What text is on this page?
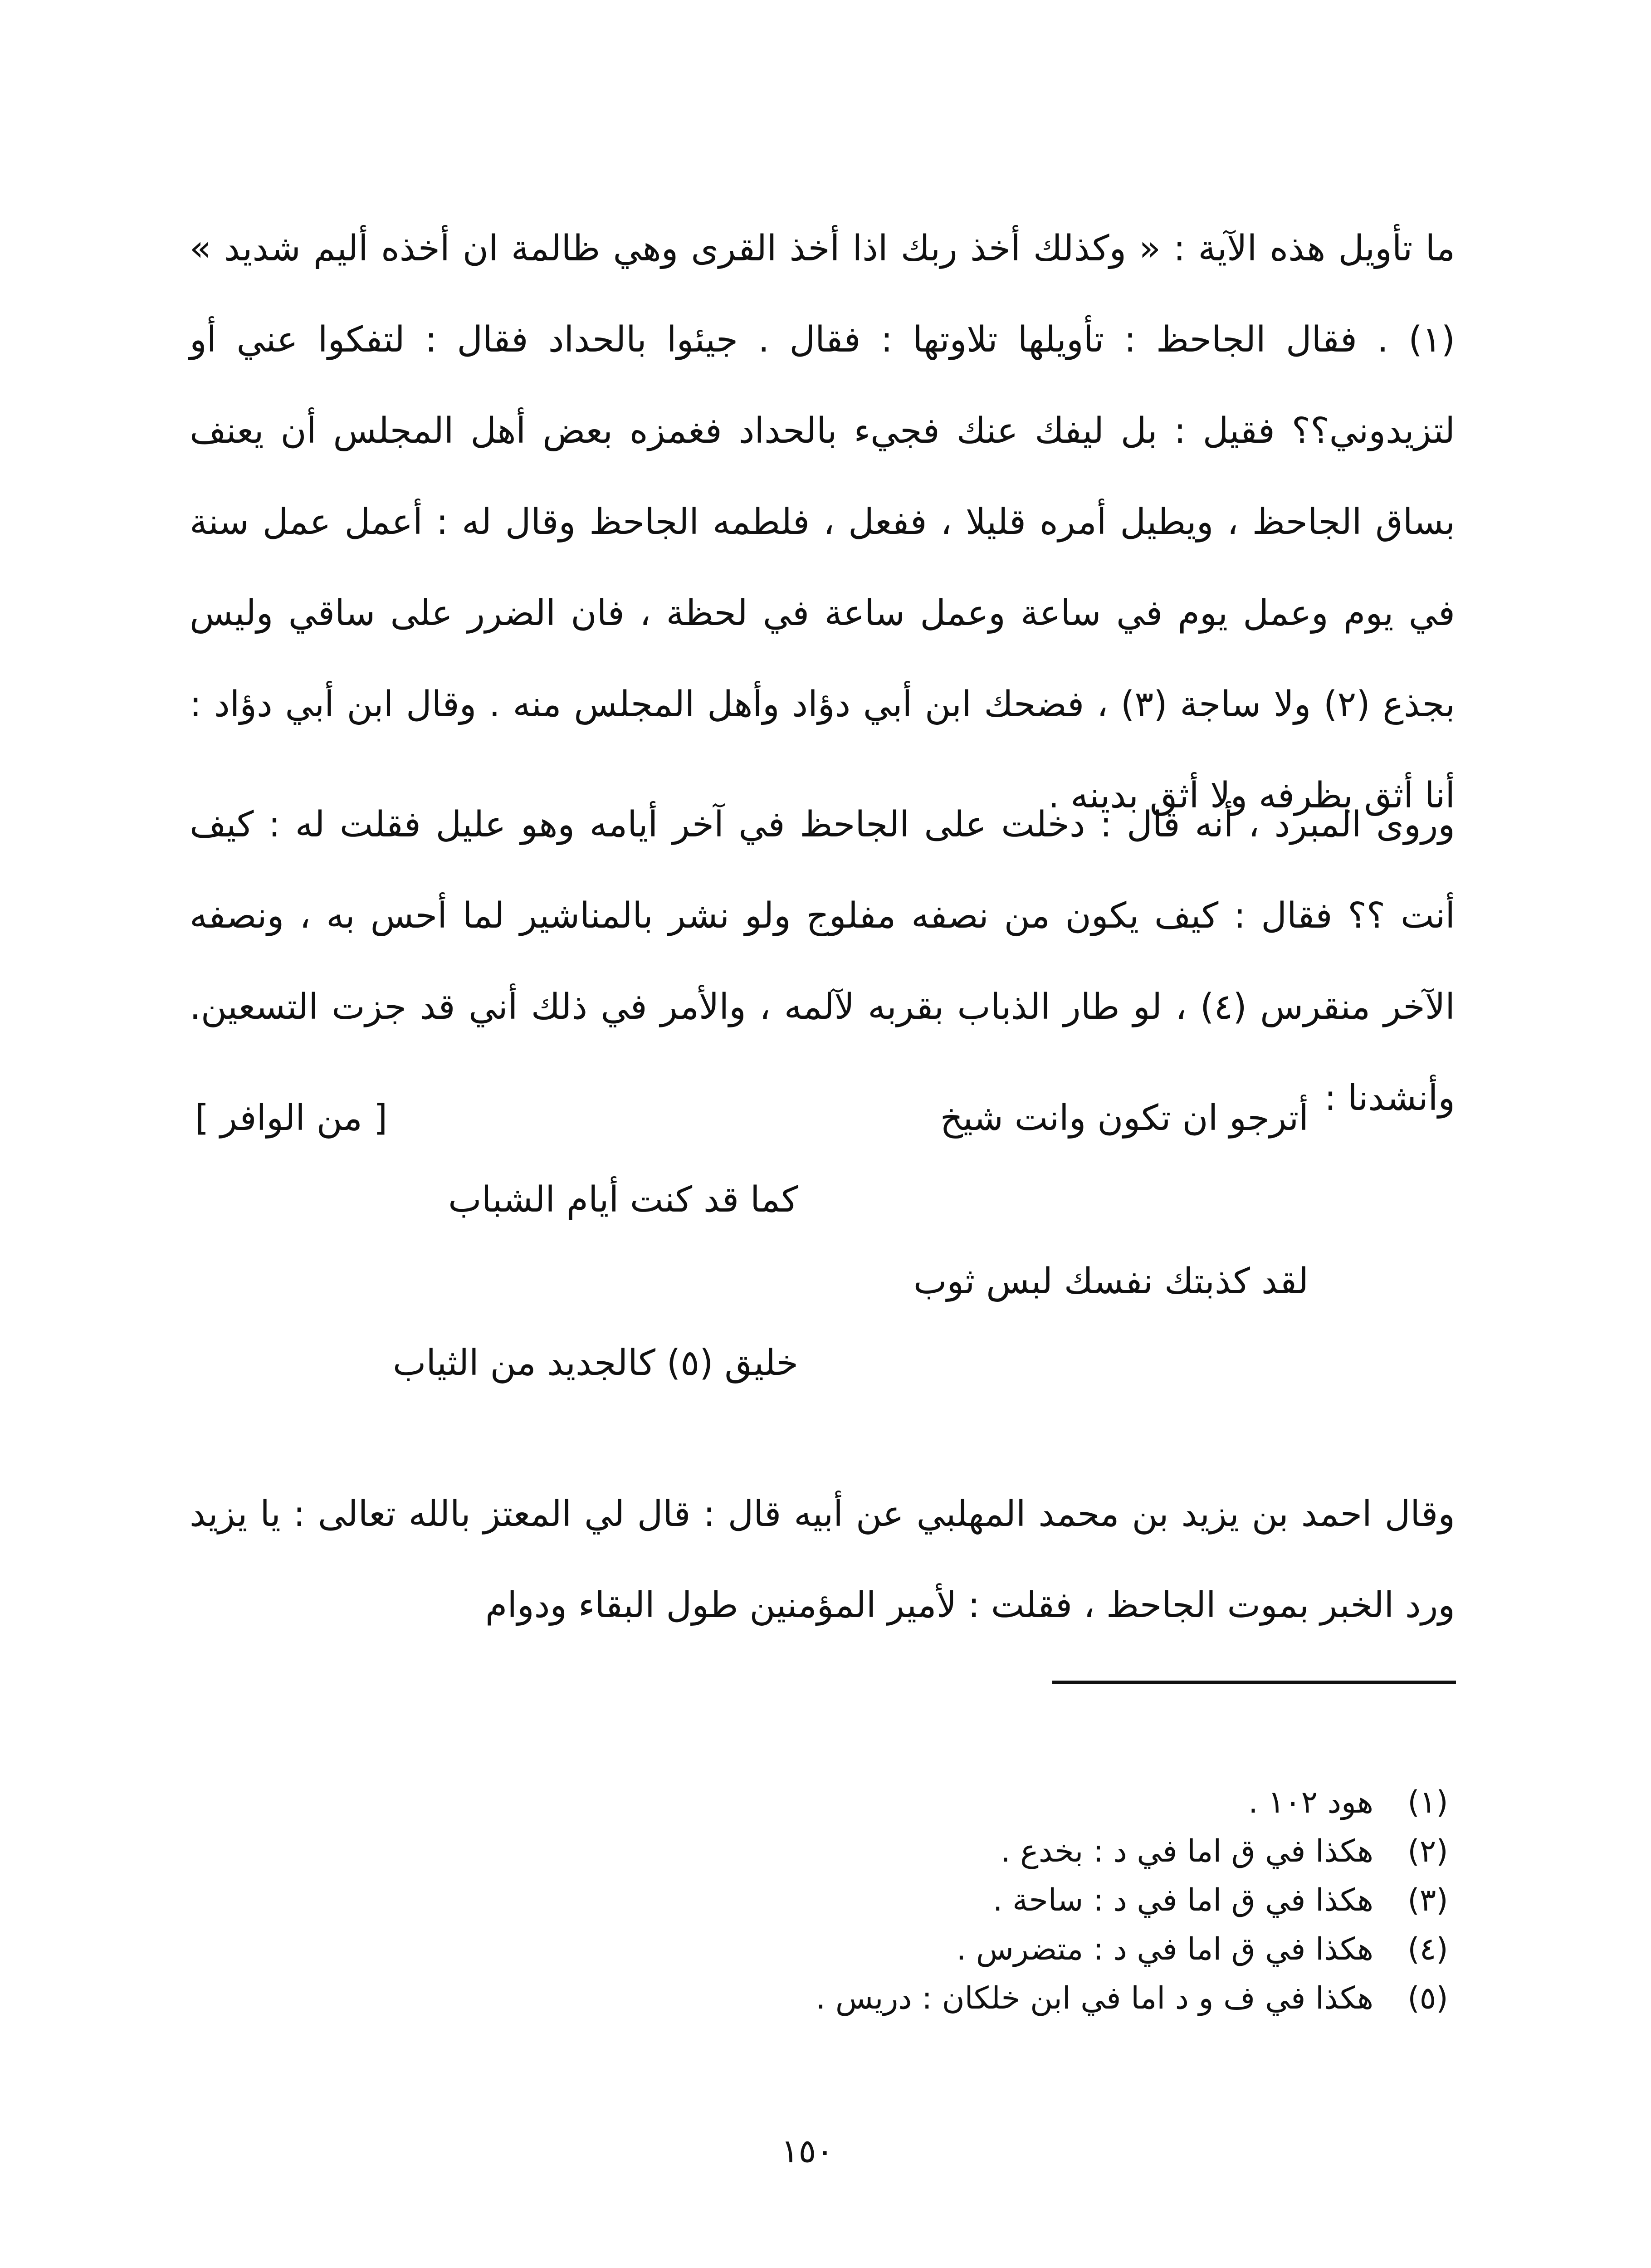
ما تأويل هذه الآية : « وكذلك أخذ ربك اذا أخذ القرى وهي ظالمة ان أخذه أليم شديد » (١) . فقال الجاحظ : تأويلها تلاوتها : فقال . جيئوا بالحداد فقال : لتفكوا عني أو لتزيدوني؟؟ فقيل : بل ليفك عنك فجيء بالحداد فغمزه بعض أهل المجلس أن يعنف بساق الجاحظ ، ويطيل أمره قليلا ، ففعل ، فلطمه الجاحظ وقال له : أعمل عمل سنة في يوم وعمل يوم في ساعة وعمل ساعة في لحظة ، فان الضرر على ساقي وليس بجذع (٢) ولا ساجة (٣) ، فضحك ابن أبي دؤاد وأهل المجلس منه . وقال ابن أبي دؤاد : أنا أثق بظرفه ولا أثق بدينه .

وروى المبرد ، أنه قال : دخلت على الجاحظ في آخر أيامه وهو عليل فقلت له : كيف أنت ؟؟ فقال : كيف يكون من نصفه مفلوج ولو نشر بالمناشير لما أحس به ، ونصفه الآخر منقرس (٤) ، لو طار الذباب بقربه لآلمه ، والأمر في ذلك أني قد جزت التسعين. وأنشدنا :

[ من الوافر ]	أترجو ان تكون وانت شيخ
كما قد كنت أيام الشباب
لقد كذبتك نفسك لبس ثوب
خليق (٥) كالجديد من الثياب

وقال احمد بن يزيد بن محمد المهلبي عن أبيه قال : قال لي المعتز بالله تعالى : يا يزيد ورد الخبر بموت الجاحظ ، فقلت : لأمير المؤمنين طول البقاء ودوام

(١)
هود ١٠٢ .
(٢)
هكذا في ق اما في د : بخدع .
(٣)
هكذا في ق اما في د : ساحة .
(٤)
هكذا في ق اما في د : متضرس .
(٥)
هكذا في ف و د اما في ابن خلكان : دريس .
١٥٠
